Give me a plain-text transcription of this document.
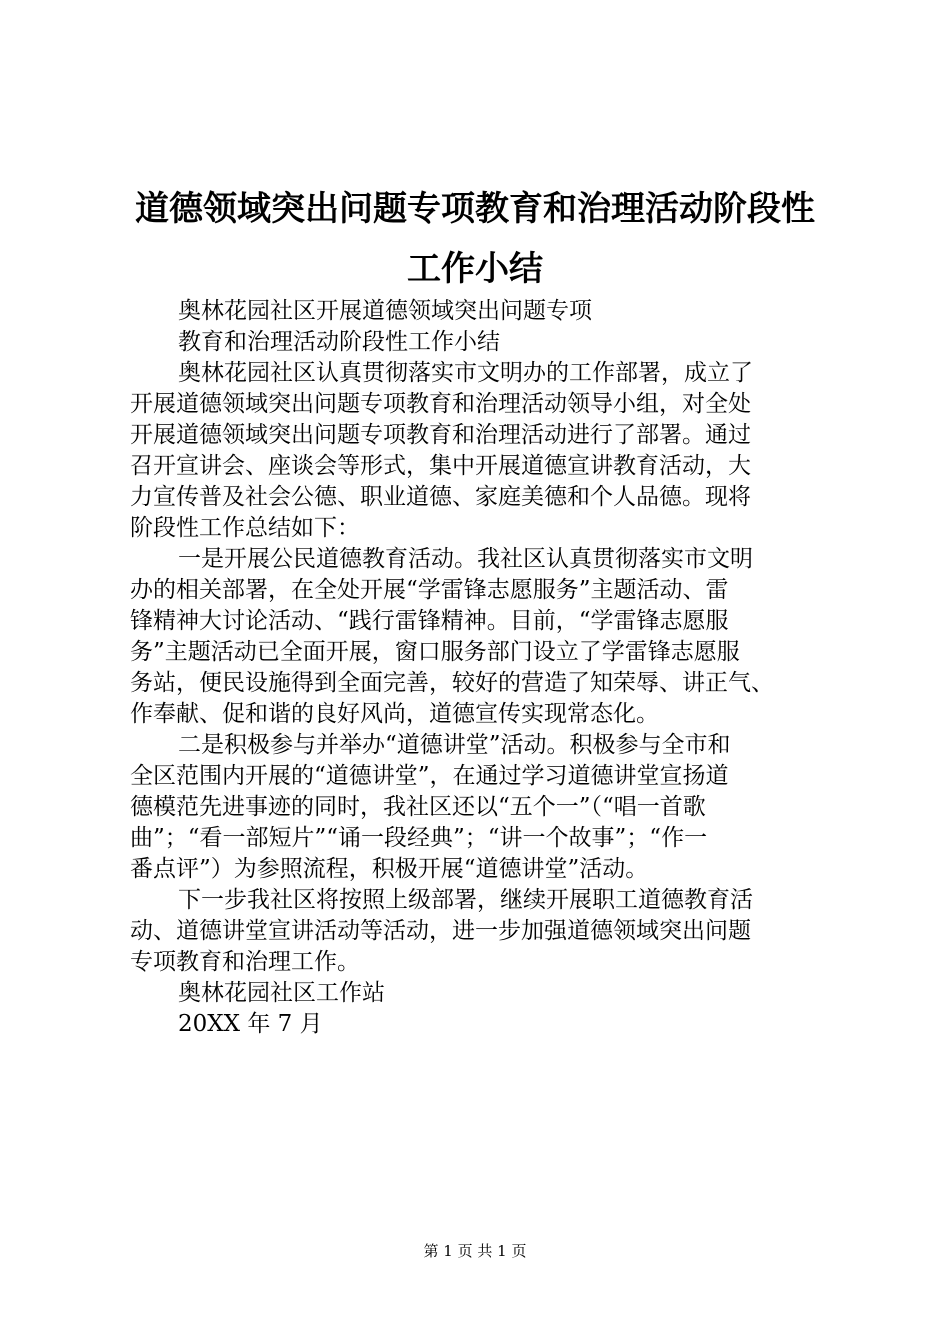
道德领域突出问题专项教育和治理活动阶段性
工作小结
奥林花园社区开展道德领域突出问题专项
教育和治理活动阶段性工作小结
奥林花园社区认真贯彻落实市文明办的工作部署，成立了
开展道德领域突出问题专项教育和治理活动领导小组，对全处
开展道德领域突出问题专项教育和治理活动进行了部署。通过
召开宣讲会、座谈会等形式，集中开展道德宣讲教育活动，大
力宣传普及社会公德、职业道德、家庭美德和个人品德。现将
阶段性工作总结如下：
一是开展公民道德教育活动。我社区认真贯彻落实市文明
办的相关部署，在全处开展“学雷锋志愿服务”主题活动、雷
锋精神大讨论活动、“践行雷锋精神。目前，“学雷锋志愿服
务”主题活动已全面开展，窗口服务部门设立了学雷锋志愿服
务站，便民设施得到全面完善，较好的营造了知荣辱、讲正气、
作奉献、促和谐的良好风尚，道德宣传实现常态化。
二是积极参与并举办“道德讲堂”活动。积极参与全市和
全区范围内开展的“道德讲堂”，在通过学习道德讲堂宣扬道
德模范先进事迹的同时，我社区还以“五个一”（“唱一首歌
曲”；“看一部短片”“诵一段经典”；“讲一个故事”；“作一
番点评”）为参照流程，积极开展“道德讲堂”活动。
下一步我社区将按照上级部署，继续开展职工道德教育活
动、道德讲堂宣讲活动等活动，进一步加强道德领域突出问题
专项教育和治理工作。
奥林花园社区工作站
20XX 年 7 月
第 1 页 共 1 页
